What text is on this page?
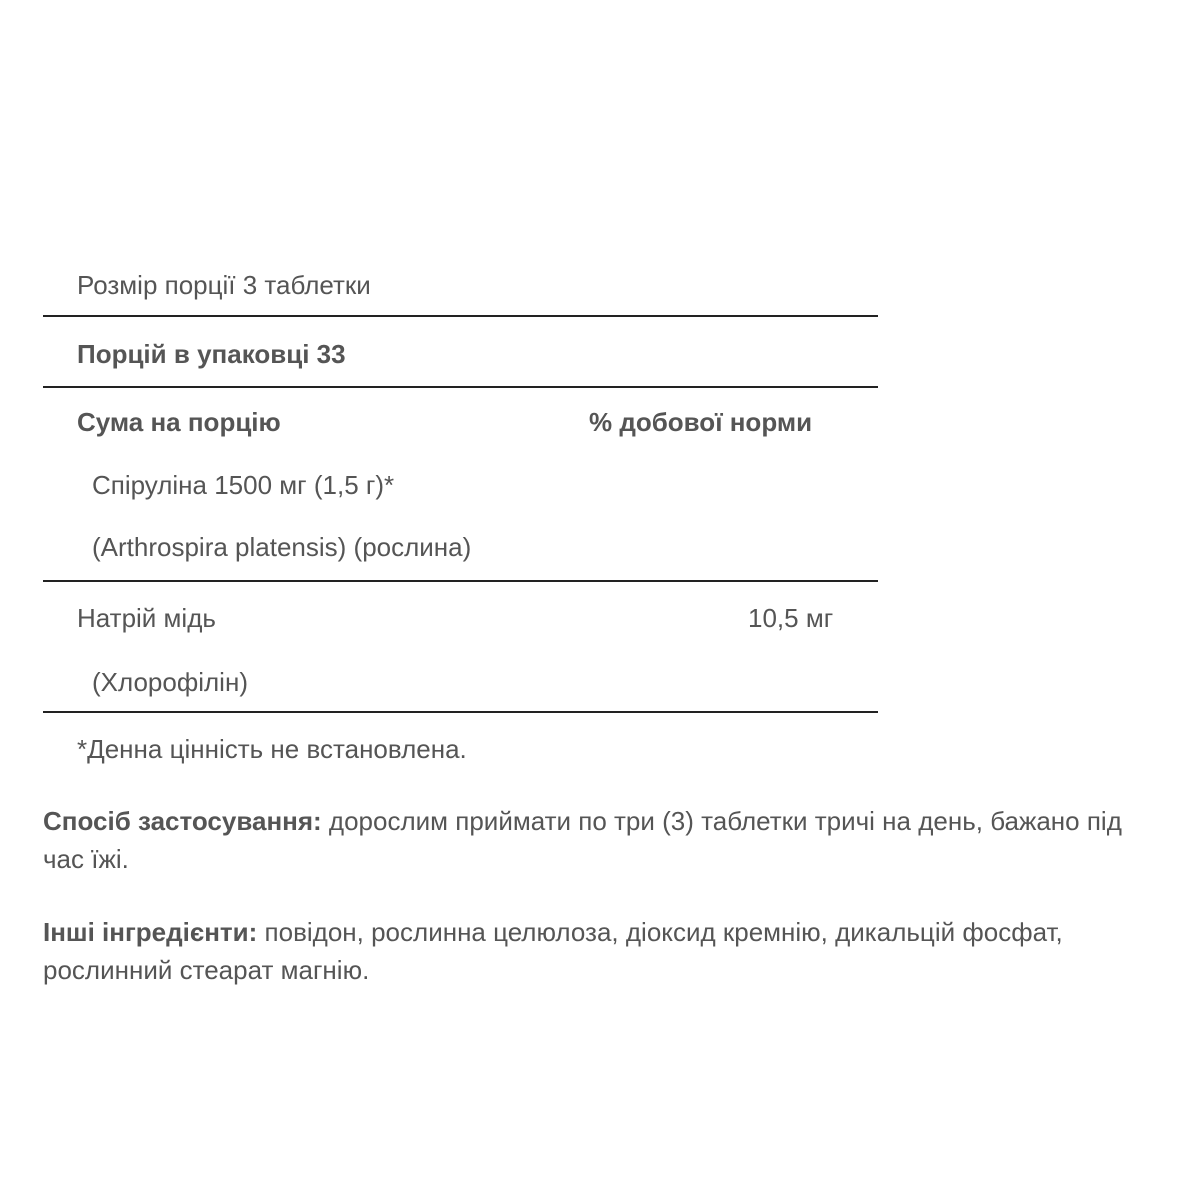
Розмір порції 3 таблетки
Порцій в упаковці 33
Сума на порцію	% добової норми
Спіруліна 1500 мг (1,5 г)*
(Arthrospira platensis) (рослина)
Натрій мідь	10,5 мг
(Хлорофілін)
*Денна цінність не встановлена.
Спосіб застосування: дорослим приймати по три (3) таблетки тричі на день, бажано під час їжі.
Інші інгредієнти: повідон, рослинна целюлоза, діоксид кремнію, дикальцій фосфат, рослинний стеарат магнію.
